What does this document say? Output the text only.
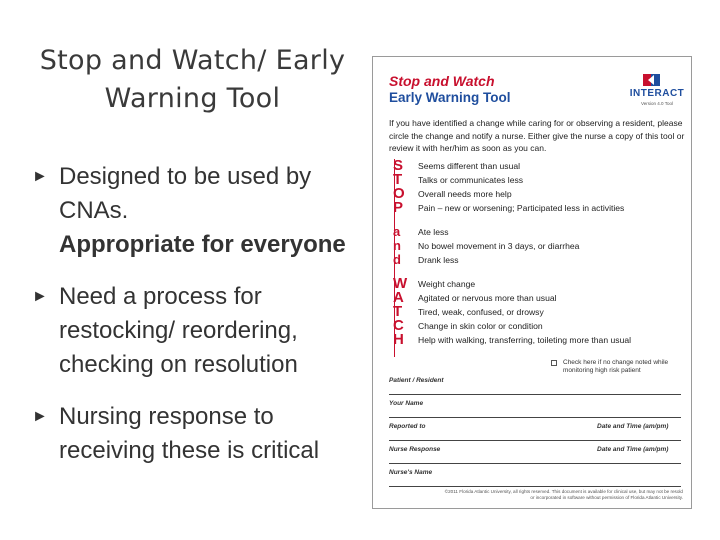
Stop and Watch/ Early
Warning Tool
► Designed to be used by CNAs.
Appropriate for everyone
► Need a process for restocking/ reordering, checking on resolution
► Nursing response to receiving these is critical
Stop and Watch
Early Warning Tool	INTERACT
Version 4.0 Tool
If you have identified a change while caring for or observing a resident, please circle the change and notify a nurse. Either give the nurse a copy of this tool or review it with her/him as soon as you can.
S	Seems different than usual
T	Talks or communicates less
O	Overall needs more help
P	Pain – new or worsening; Participated less in activities
a	Ate less
n	No bowel movement in 3 days, or diarrhea
d	Drank less
W Weight change
A	Agitated or nervous more than usual
T	Tired, weak, confused, or drowsy
C	Change in skin color or condition
H	Help with walking, transferring, toileting more than usual
Check here if no change noted while monitoring high risk patient
Patient / Resident
Your Name
Reported to	Date and Time (am/pm)
Nurse Response	Date and Time (am/pm)
Nurse's Name
©2011 Florida Atlantic University, all rights reserved. This document is available for clinical use, but may not be resold or incorporated in software without permission of Florida Atlantic University.
